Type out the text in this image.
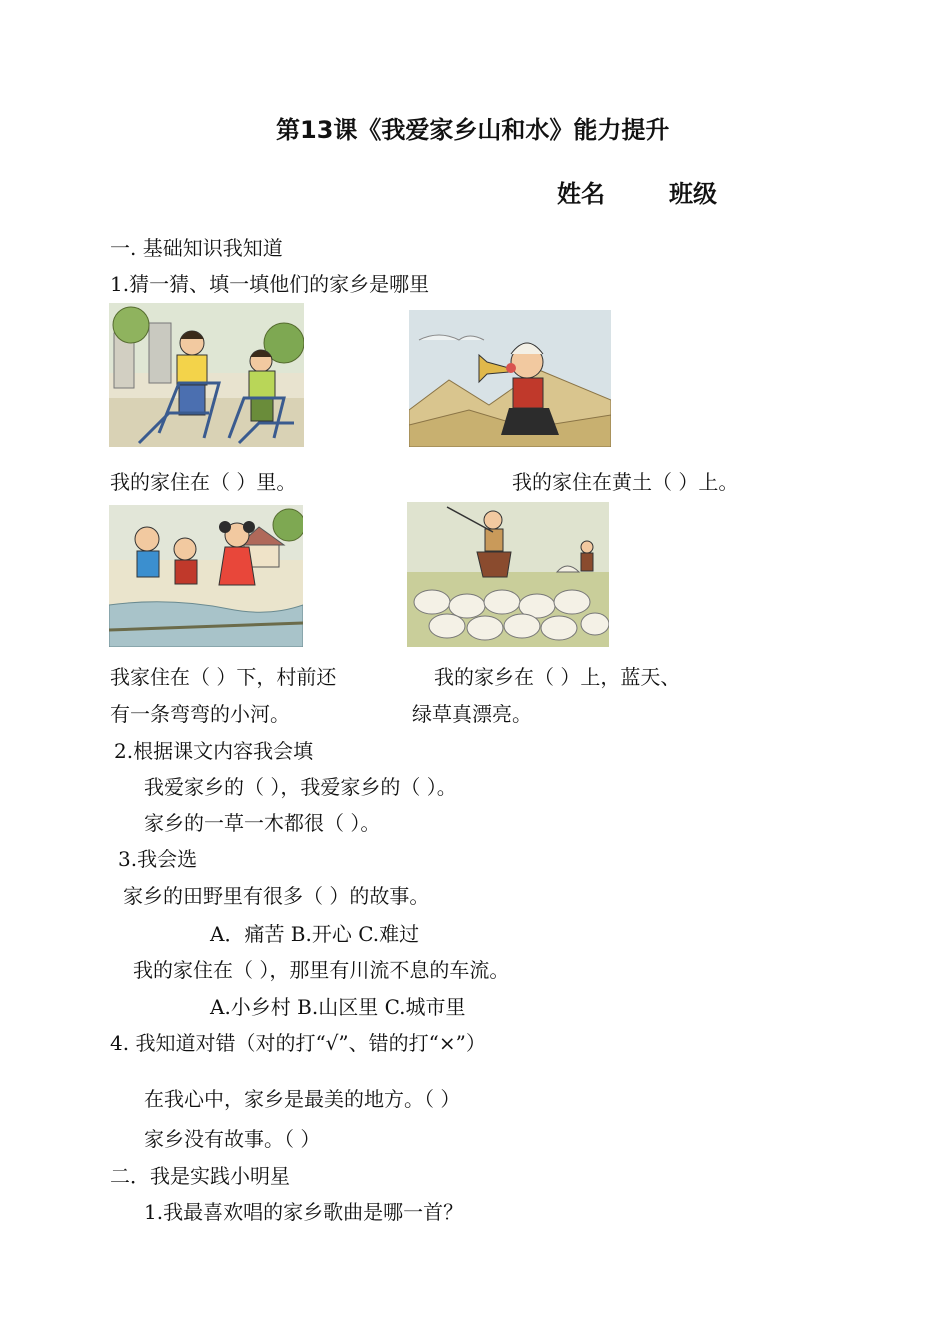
第13课《我爱家乡山和水》能力提升
姓名	班级
一. 基础知识我知道
1.猜一猜、填一填他们的家乡是哪里
我的家住在（ ）里。	我的家住在黄土（ ）上。
我家住在（ ）下，村前还
有一条弯弯的小河。
我的家乡在（ ）上，蓝天、
绿草真漂亮。
2.根据课文内容我会填
我爱家乡的（ ），我爱家乡的（ ）。
家乡的一草一木都很（ ）。
3.我会选
家乡的田野里有很多（ ）的故事。
A．痛苦 B.开心 C.难过
我的家住在（ ），那里有川流不息的车流。
A.小乡村 B.山区里 C.城市里
4. 我知道对错（对的打“√”、错的打“×”）
在我心中，家乡是最美的地方。（ ）
家乡没有故事。（ ）
二．我是实践小明星
1.我最喜欢唱的家乡歌曲是哪一首？
